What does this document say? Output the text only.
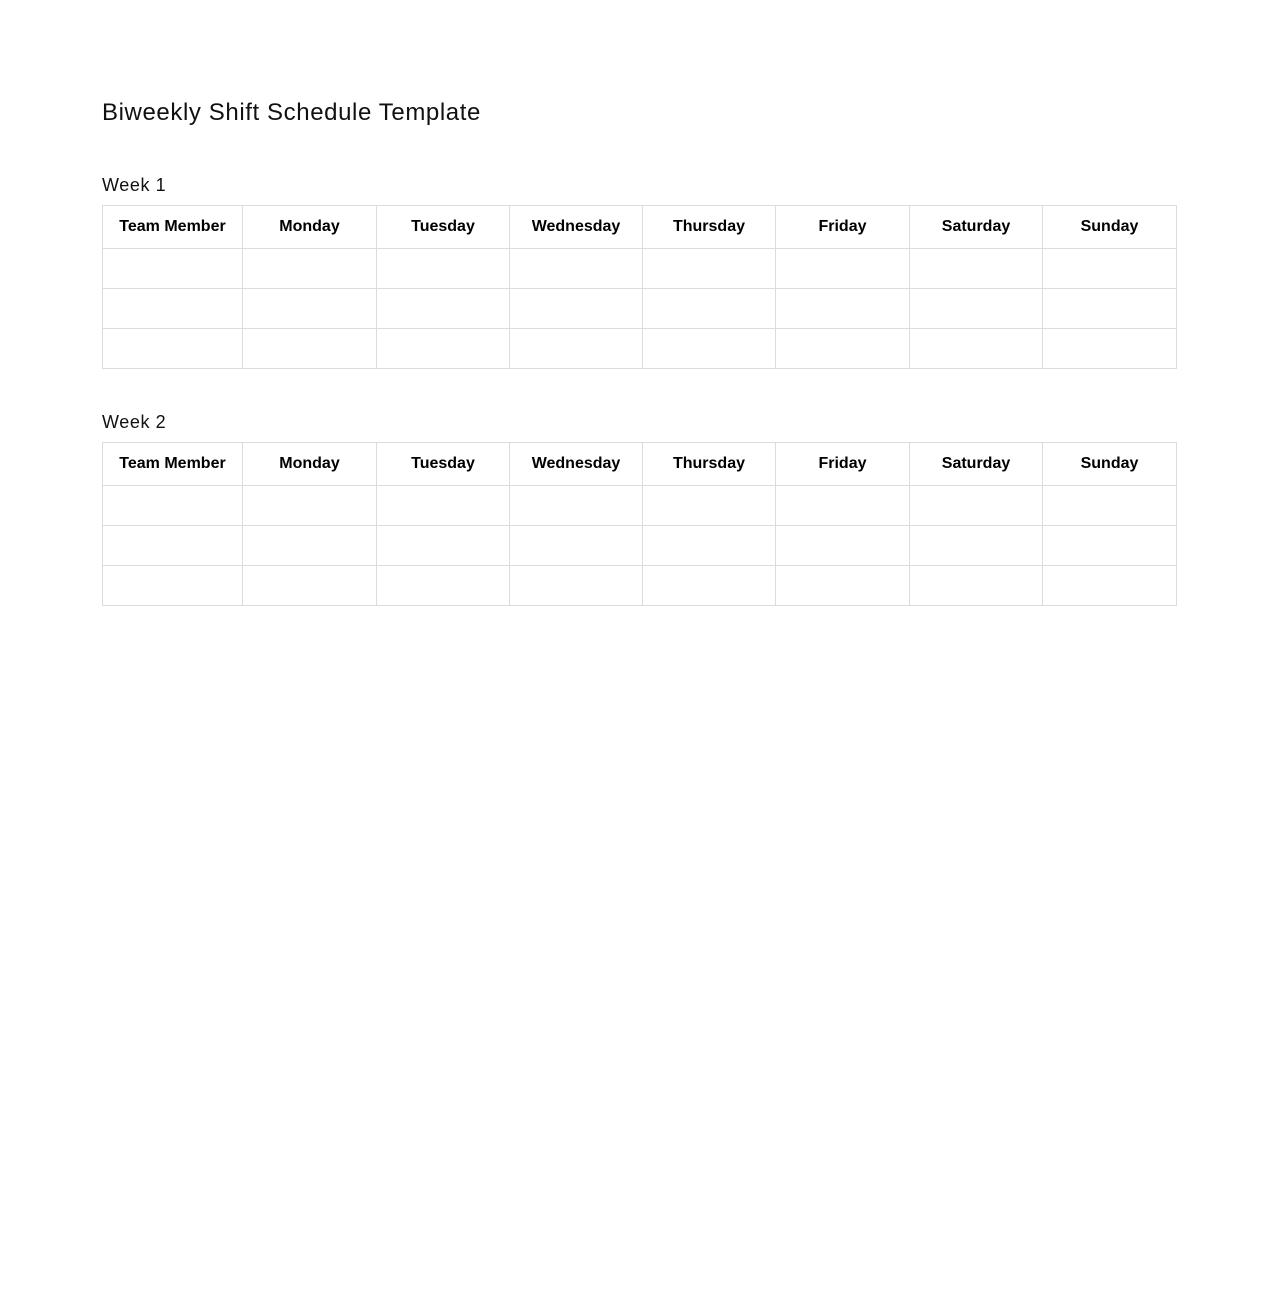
Biweekly Shift Schedule Template
Week 1
Team Member	Monday	Tuesday	Wednesday	Thursday	Friday	Saturday	Sunday

Week 2
Team Member	Monday	Tuesday	Wednesday	Thursday	Friday	Saturday	Sunday
